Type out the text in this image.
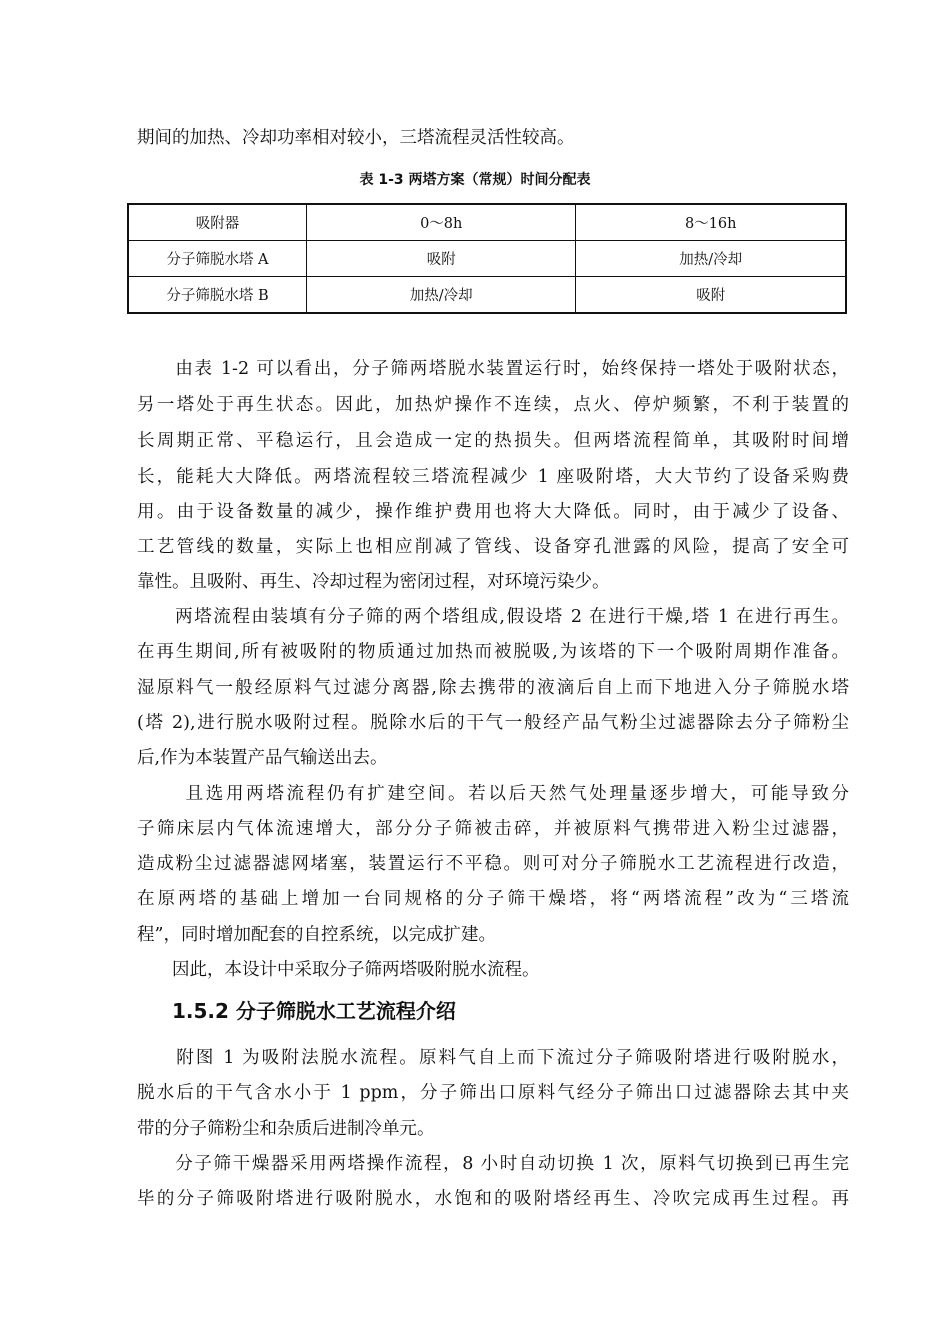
期间的加热、冷却功率相对较小，三塔流程灵活性较高。
表 1-3 两塔方案（常规）时间分配表
吸附器	0～8h	8～16h
分子筛脱水塔 A	吸附	加热/冷却
分子筛脱水塔 B	加热/冷却	吸附
　　由表 1-2 可以看出，分子筛两塔脱水装置运行时，始终保持一塔处于吸附状态，
另一塔处于再生状态。因此，加热炉操作不连续，点火、停炉频繁，不利于装置的
长周期正常、平稳运行，且会造成一定的热损失。但两塔流程简单，其吸附时间增
长，能耗大大降低。两塔流程较三塔流程减少 1 座吸附塔，大大节约了设备采购费
用。由于设备数量的减少，操作维护费用也将大大降低。同时，由于减少了设备、
工艺管线的数量，实际上也相应削减了管线、设备穿孔泄露的风险，提高了安全可
靠性。且吸附、再生、冷却过程为密闭过程，对环境污染少。
　　两塔流程由装填有分子筛的两个塔组成,假设塔 2 在进行干燥,塔 1 在进行再生。
在再生期间,所有被吸附的物质通过加热而被脱吸,为该塔的下一个吸附周期作准备。
湿原料气一般经原料气过滤分离器,除去携带的液滴后自上而下地进入分子筛脱水塔
(塔 2),进行脱水吸附过程。脱除水后的干气一般经产品气粉尘过滤器除去分子筛粉尘
后,作为本装置产品气输送出去。
　　 且选用两塔流程仍有扩建空间。若以后天然气处理量逐步增大，可能导致分
子筛床层内气体流速增大，部分分子筛被击碎，并被原料气携带进入粉尘过滤器，
造成粉尘过滤器滤网堵塞，装置运行不平稳。则可对分子筛脱水工艺流程进行改造，
在原两塔的基础上增加一台同规格的分子筛干燥塔，将“两塔流程”改为“三塔流
程”，同时增加配套的自控系统，以完成扩建。
　　因此，本设计中采取分子筛两塔吸附脱水流程。
1.5.2 分子筛脱水工艺流程介绍
　　附图 1 为吸附法脱水流程。原料气自上而下流过分子筛吸附塔进行吸附脱水，
脱水后的干气含水小于 1 ppm，分子筛出口原料气经分子筛出口过滤器除去其中夹
带的分子筛粉尘和杂质后进制冷单元。
　　分子筛干燥器采用两塔操作流程，8 小时自动切换 1 次，原料气切换到已再生完
毕的分子筛吸附塔进行吸附脱水，水饱和的吸附塔经再生、冷吹完成再生过程。再
